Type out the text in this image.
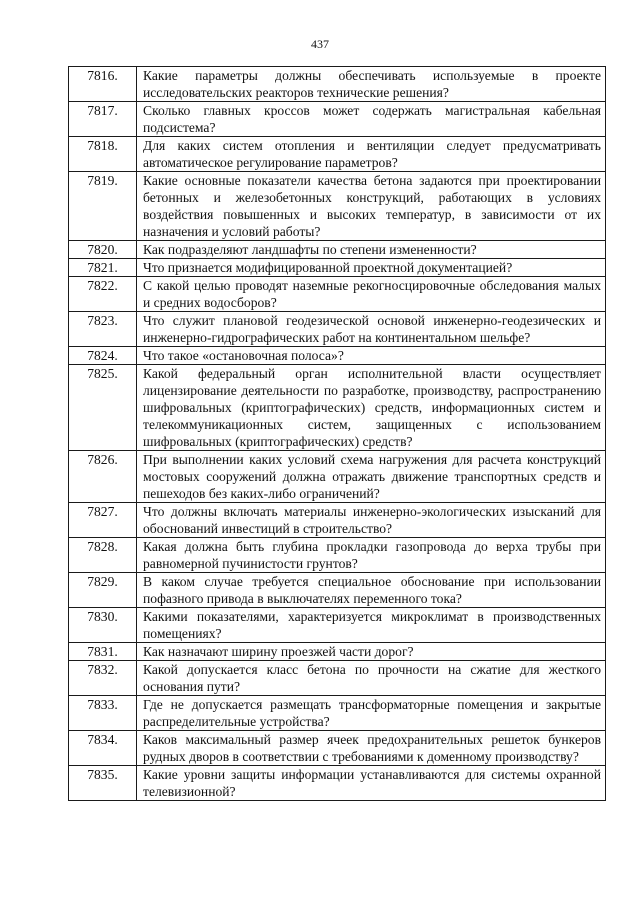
437
7816.	Какие параметры должны обеспечивать используемые в проекте исследовательских реакторов технические решения?
7817.	Сколько главных кроссов может содержать магистральная кабельная подсистема?
7818.	Для каких систем отопления и вентиляции следует предусматривать автоматическое регулирование параметров?
7819.	Какие основные показатели качества бетона задаются при проектировании бетонных и железобетонных конструкций, работающих в условиях воздействия повышенных и высоких температур, в зависимости от их назначения и условий работы?
7820.	Как подразделяют ландшафты по степени измененности?
7821.	Что признается модифицированной проектной документацией?
7822.	С какой целью проводят наземные рекогносцировочные обследования малых и средних водосборов?
7823.	Что служит плановой геодезической основой инженерно-геодезических и инженерно-гидрографических работ на континентальном шельфе?
7824.	Что такое «остановочная полоса»?
7825.	Какой федеральный орган исполнительной власти осуществляет лицензирование деятельности по разработке, производству, распространению шифровальных (криптографических) средств, информационных систем и телекоммуникационных систем, защищенных с использованием шифровальных (криптографических) средств?
7826.	При выполнении каких условий схема нагружения для расчета конструкций мостовых сооружений должна отражать движение транспортных средств и пешеходов без каких-либо ограничений?
7827.	Что должны включать материалы инженерно-экологических изысканий для обоснований инвестиций в строительство?
7828.	Какая должна быть глубина прокладки газопровода до верха трубы при равномерной пучинистости грунтов?
7829.	В каком случае требуется специальное обоснование при использовании пофазного привода в выключателях переменного тока?
7830.	Какими показателями, характеризуется микроклимат в производственных помещениях?
7831.	Как назначают ширину проезжей части дорог?
7832.	Какой допускается класс бетона по прочности на сжатие для жесткого основания пути?
7833.	Где не допускается размещать трансформаторные помещения и закрытые распределительные устройства?
7834.	Каков максимальный размер ячеек предохранительных решеток бункеров рудных дворов в соответствии с требованиями к доменному производству?
7835.	Какие уровни защиты информации устанавливаются для системы охранной телевизионной?
